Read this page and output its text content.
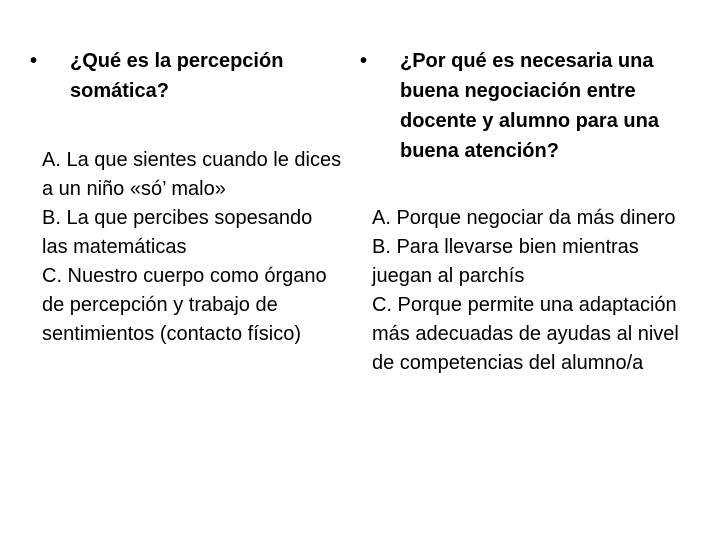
• ¿Qué es la percepción somática?
A. La que sientes cuando le dices a un niño «só’ malo»
B. La que percibes sopesando las matemáticas
C. Nuestro cuerpo como órgano de percepción y trabajo de sentimientos (contacto físico)
• ¿Por qué es necesaria una buena negociación entre docente y alumno para una buena atención?
A. Porque negociar da más dinero
B. Para llevarse bien mientras juegan al parchís
C. Porque permite una adaptación más adecuadas de ayudas al nivel de competencias del alumno/a
